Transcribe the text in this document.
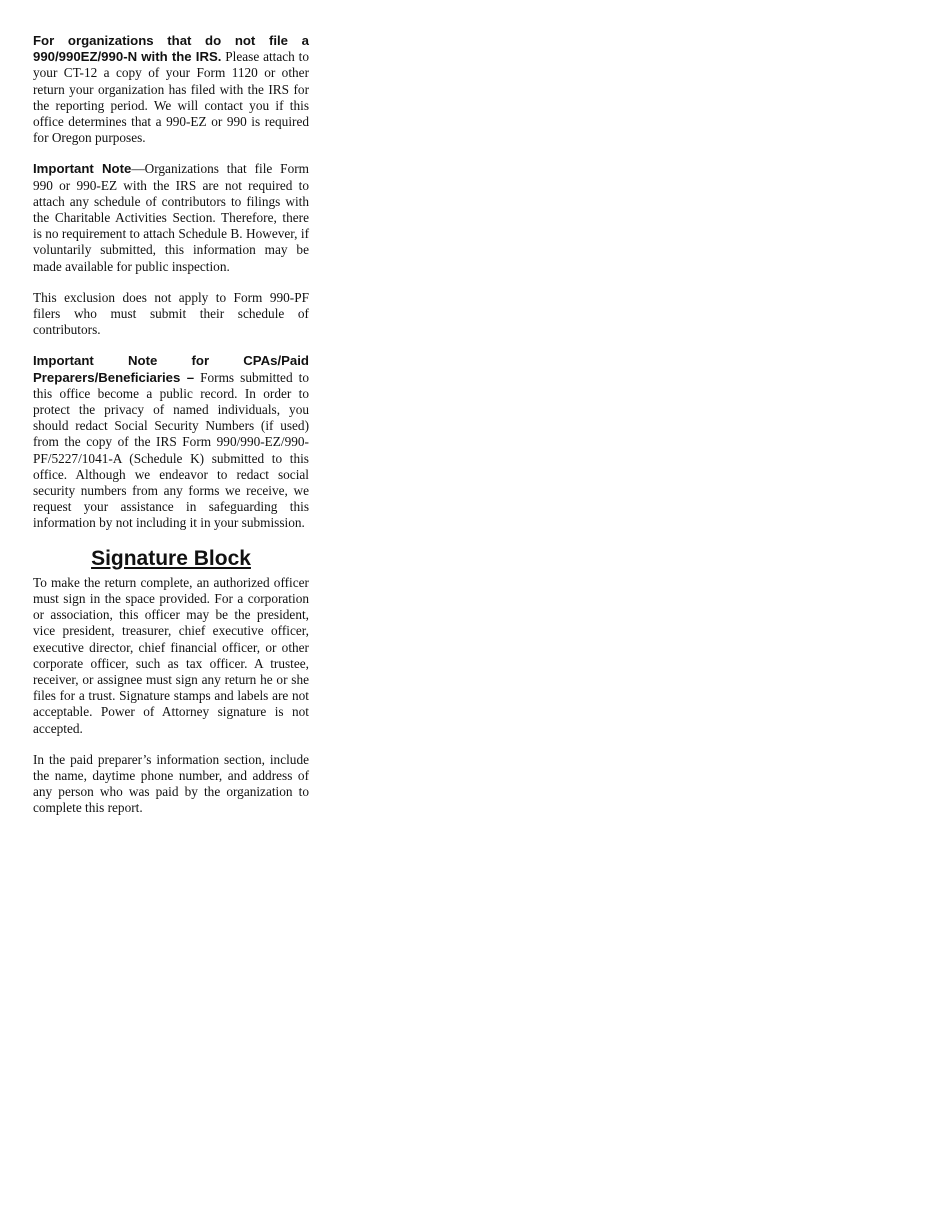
For organizations that do not file a 990/990EZ/990-N with the IRS. Please attach to your CT-12 a copy of your Form 1120 or other return your organization has filed with the IRS for the reporting period. We will contact you if this office determines that a 990-EZ or 990 is required for Oregon purposes.

Important Note—Organizations that file Form 990 or 990-EZ with the IRS are not required to attach any schedule of contributors to filings with the Charitable Activities Section. Therefore, there is no requirement to attach Schedule B. However, if voluntarily submitted, this information may be made available for public inspection.

This exclusion does not apply to Form 990-PF filers who must submit their schedule of contributors.

Important Note for CPAs/Paid Preparers/Beneficiaries – Forms submitted to this office become a public record. In order to protect the privacy of named individuals, you should redact Social Security Numbers (if used) from the copy of the IRS Form 990/990-EZ/990-PF/5227/1041-A (Schedule K) submitted to this office. Although we endeavor to redact social security numbers from any forms we receive, we request your assistance in safeguarding this information by not including it in your submission.

Signature Block

To make the return complete, an authorized officer must sign in the space provided. For a corporation or association, this officer may be the president, vice president, treasurer, chief executive officer, executive director, chief financial officer, or other corporate officer, such as tax officer. A trustee, receiver, or assignee must sign any return he or she files for a trust. Signature stamps and labels are not acceptable. Power of Attorney signature is not accepted.

In the paid preparer’s information section, include the name, daytime phone number, and address of any person who was paid by the organization to complete this report.
